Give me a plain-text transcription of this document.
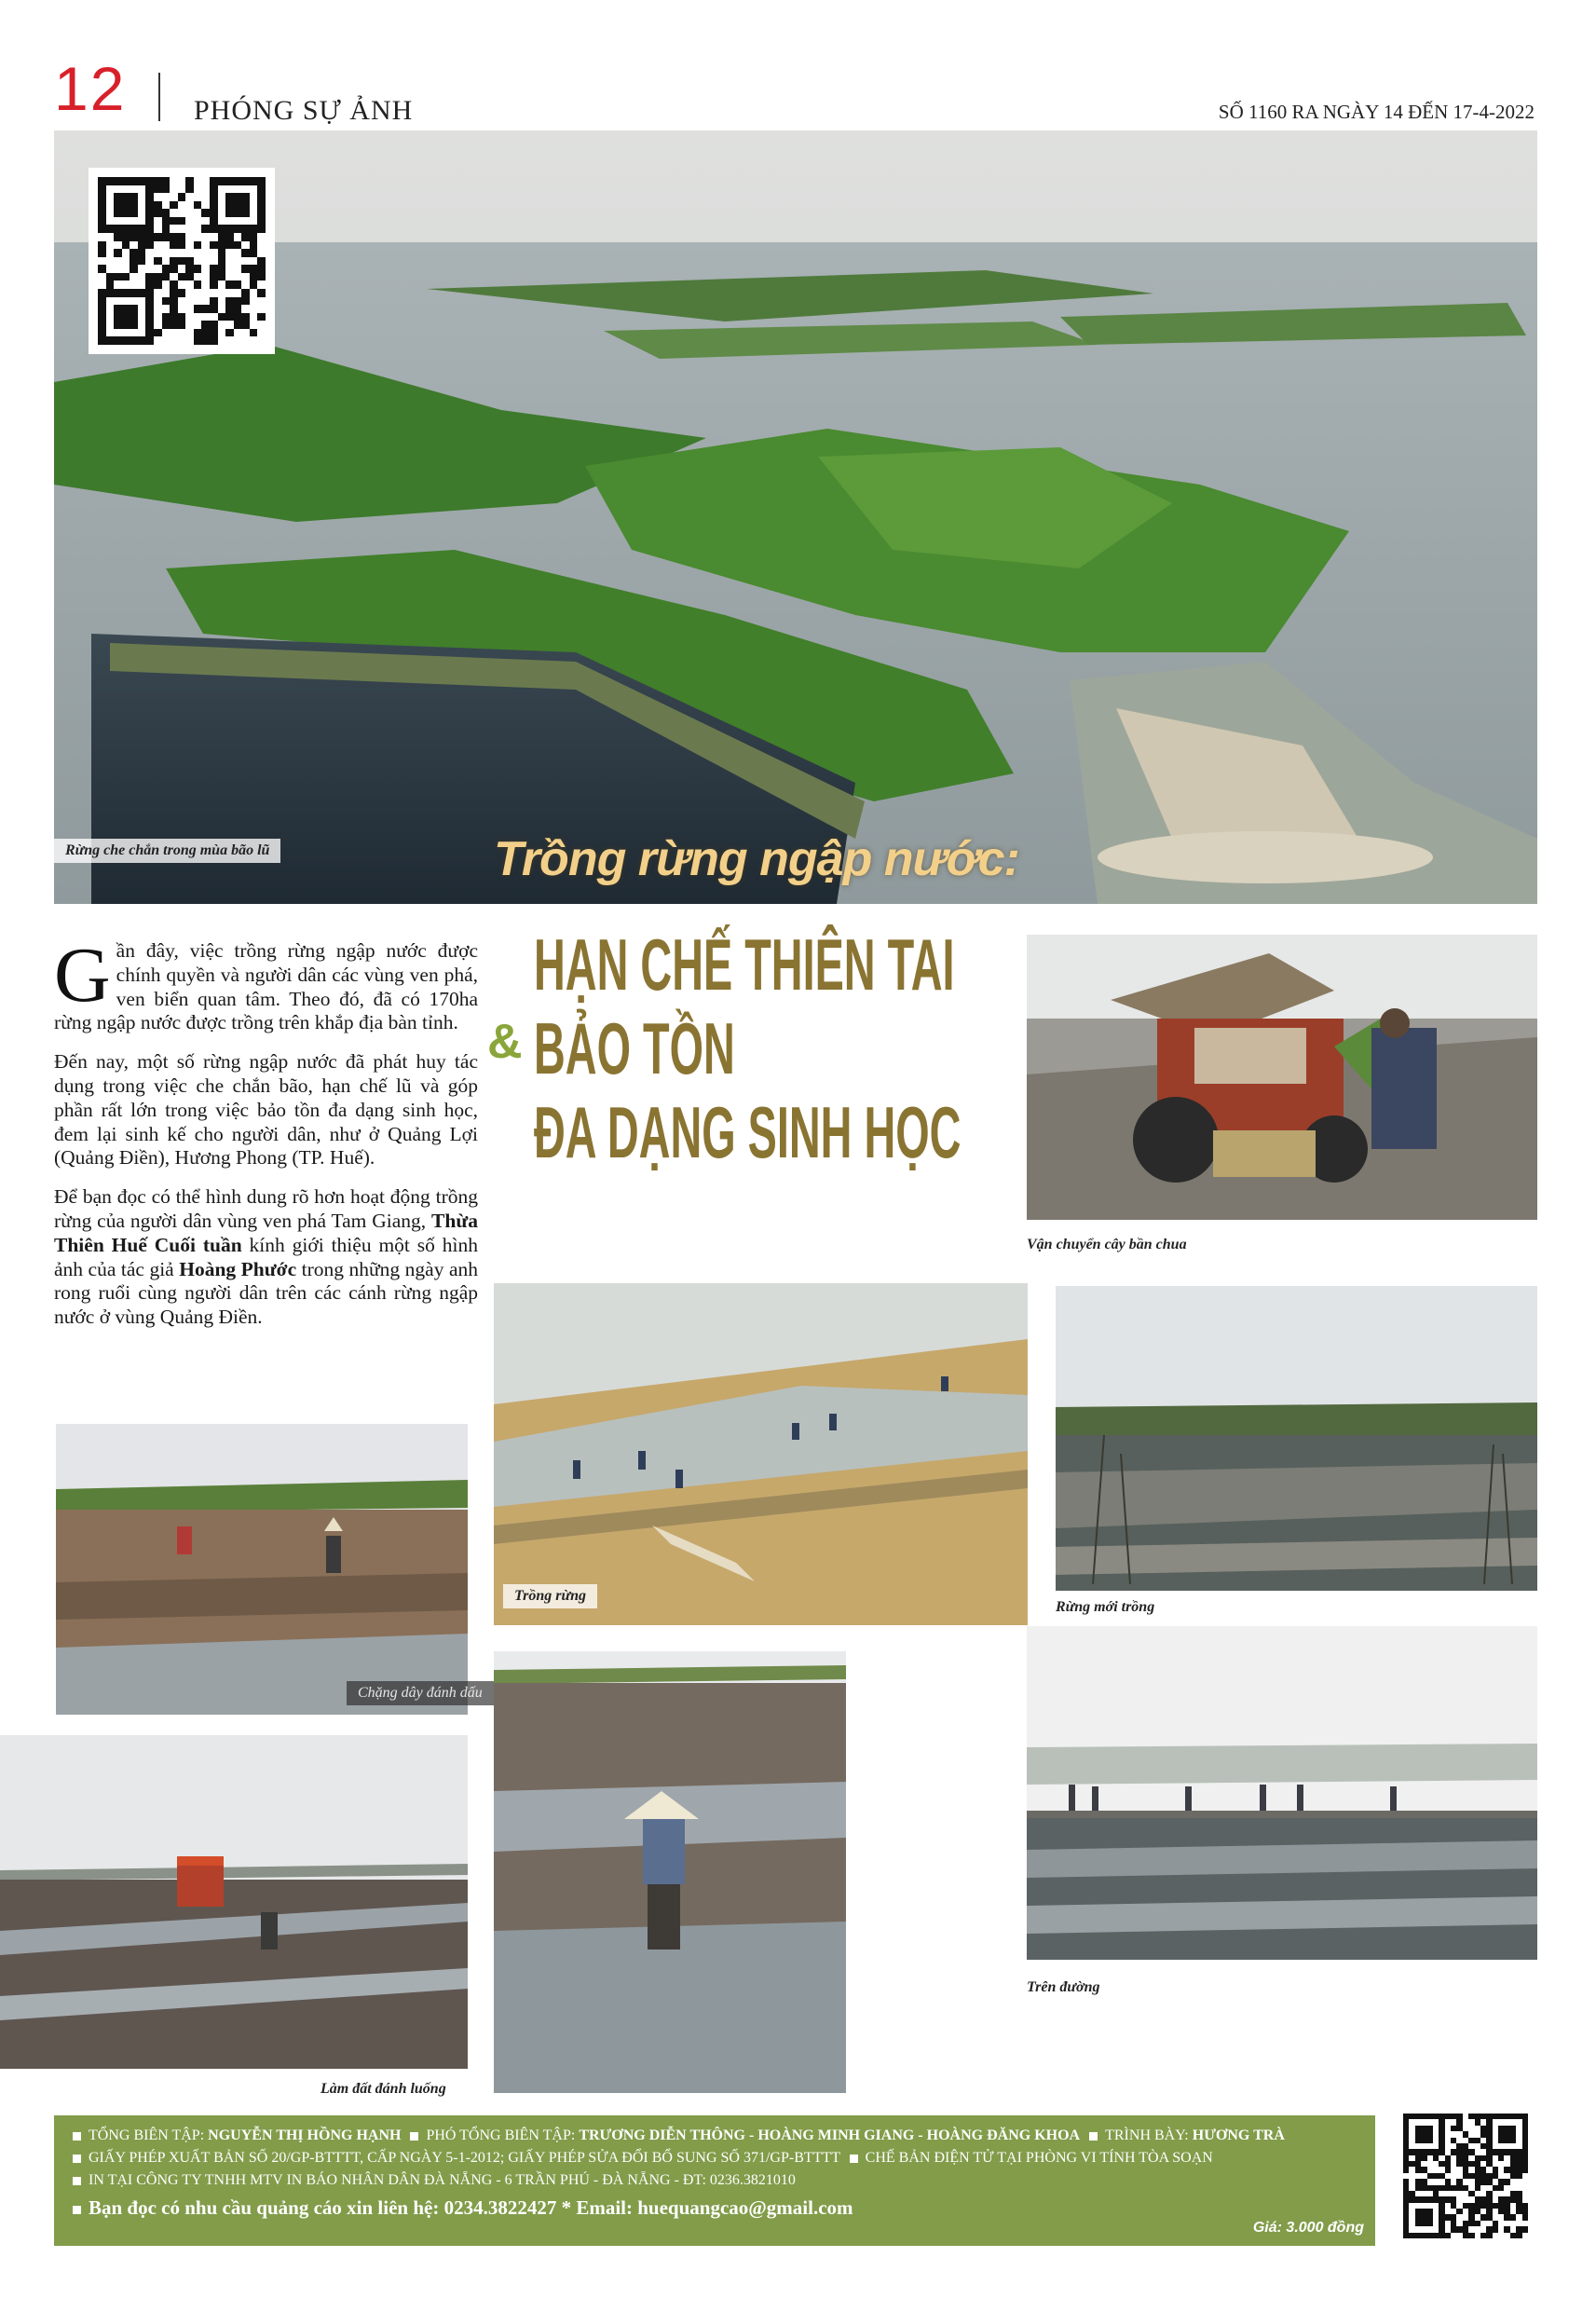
12 PHÓNG SỰ ẢNH	SỐ 1160 RA NGÀY 14 ĐẾN 17-4-2022
Rừng che chắn trong mùa bão lũ	Trồng rừng ngập nước:

Gần đây, việc trồng rừng ngập nước được chính quyền và người dân các vùng ven phá, ven biển quan tâm. Theo đó, đã có 170ha rừng ngập nước được trồng trên khắp địa bàn tỉnh.

Đến nay, một số rừng ngập nước đã phát huy tác dụng trong việc che chắn bão, hạn chế lũ và góp phần rất lớn trong việc bảo tồn đa dạng sinh học, đem lại sinh kế cho người dân, như ở Quảng Lợi (Quảng Điền), Hương Phong (TP. Huế).

Để bạn đọc có thể hình dung rõ hơn hoạt động trồng rừng của người dân vùng ven phá Tam Giang, Thừa Thiên Huế Cuối tuần kính giới thiệu một số hình ảnh của tác giả Hoàng Phước trong những ngày anh rong ruổi cùng người dân trên các cánh rừng ngập nước ở vùng Quảng Điền.

&
HẠN CHẾ THIÊN TAI
BẢO TỒN
ĐA DẠNG SINH HỌC
Vận chuyển cây bần chua
Trồng rừng
Rừng mới trồng
Chặng dây đánh dấu
Làm đất đánh luống
Trên đường
TỔNG BIÊN TẬP: NGUYỄN THỊ HỒNG HẠNH PHÓ TỔNG BIÊN TẬP: TRƯƠNG DIỄN THÔNG - HOÀNG MINH GIANG - HOÀNG ĐĂNG KHOA TRÌNH BÀY: HƯƠNG TRÀ
GIẤY PHÉP XUẤT BẢN SỐ 20/GP-BTTTT, CẤP NGÀY 5-1-2012; GIẤY PHÉP SỬA ĐỔI BỔ SUNG SỐ 371/GP-BTTTT CHẾ BẢN ĐIỆN TỬ TẠI PHÒNG VI TÍNH TÒA SOẠN
IN TẠI CÔNG TY TNHH MTV IN BÁO NHÂN DÂN ĐÀ NẴNG - 6 TRẦN PHÚ - ĐÀ NẴNG - ĐT: 0236.3821010
Bạn đọc có nhu cầu quảng cáo xin liên hệ: 0234.3822427 * Email: huequangcao@gmail.com
Giá: 3.000 đồng
